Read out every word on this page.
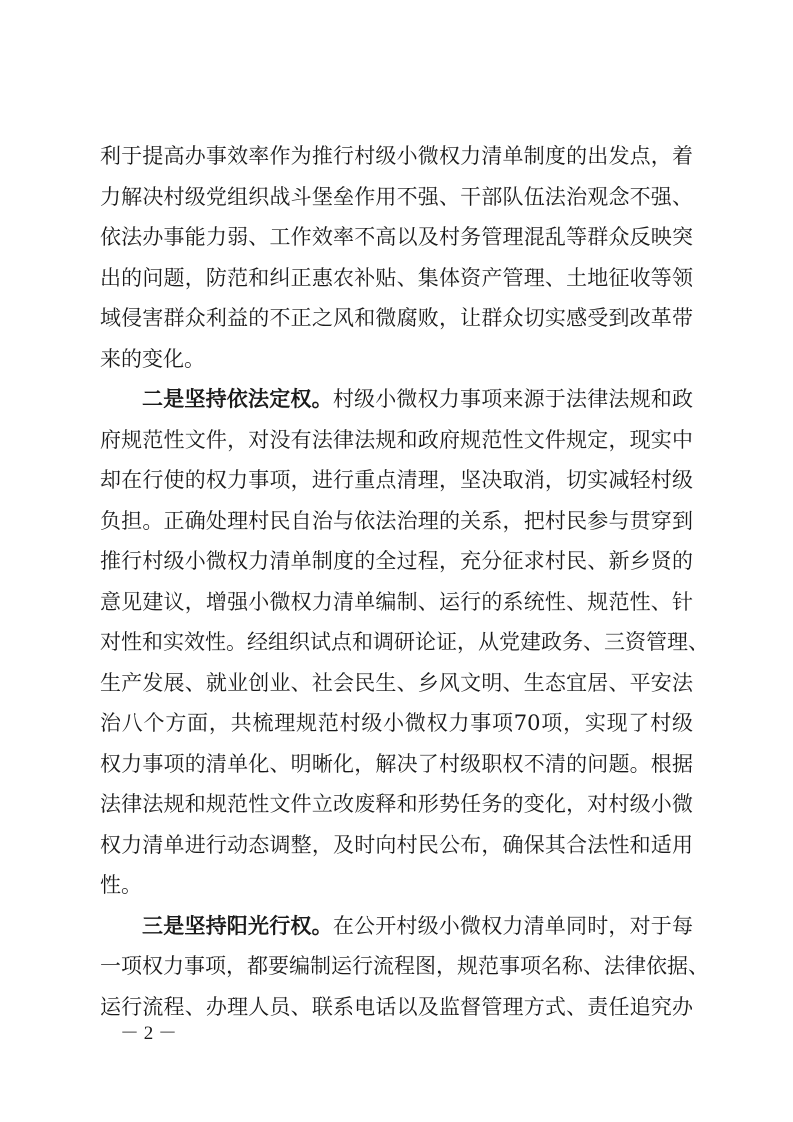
利于提高办事效率作为推行村级小微权力清单制度的出发点，着
力解决村级党组织战斗堡垒作用不强、干部队伍法治观念不强、
依法办事能力弱、工作效率不高以及村务管理混乱等群众反映突
出的问题，防范和纠正惠农补贴、集体资产管理、土地征收等领
域侵害群众利益的不正之风和微腐败，让群众切实感受到改革带
来的变化。
二是坚持依法定权。村级小微权力事项来源于法律法规和政
府规范性文件，对没有法律法规和政府规范性文件规定，现实中
却在行使的权力事项，进行重点清理，坚决取消，切实减轻村级
负担。正确处理村民自治与依法治理的关系，把村民参与贯穿到
推行村级小微权力清单制度的全过程，充分征求村民、新乡贤的
意见建议，增强小微权力清单编制、运行的系统性、规范性、针
对性和实效性。经组织试点和调研论证，从党建政务、三资管理、
生产发展、就业创业、社会民生、乡风文明、生态宜居、平安法
治八个方面，共梳理规范村级小微权力事项70项，实现了村级
权力事项的清单化、明晰化，解决了村级职权不清的问题。根据
法律法规和规范性文件立改废释和形势任务的变化，对村级小微
权力清单进行动态调整，及时向村民公布，确保其合法性和适用
性。
三是坚持阳光行权。在公开村级小微权力清单同时，对于每
一项权力事项，都要编制运行流程图，规范事项名称、法律依据、
－ 2 －
运行流程、办理人员、联系电话以及监督管理方式、责任追究办
